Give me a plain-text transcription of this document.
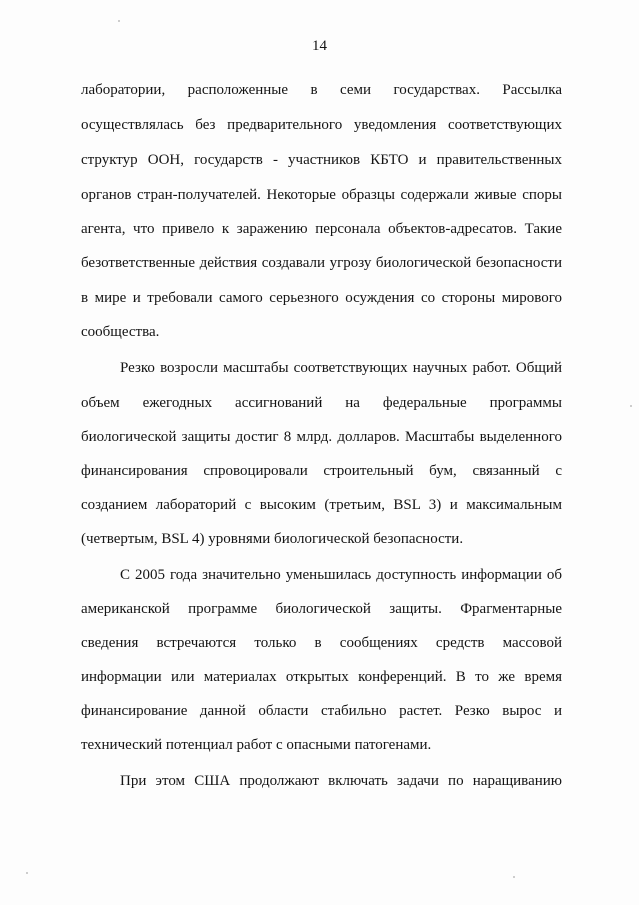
14
лаборатории, расположенные в семи государствах. Рассылка
осуществлялась без предварительного уведомления соответствующих
структур ООН, государств - участников КБТО и правительственных
органов стран-получателей. Некоторые образцы содержали живые споры
агента, что привело к заражению персонала объектов-адресатов. Такие
безответственные действия создавали угрозу биологической безопасности
в мире и требовали самого серьезного осуждения со стороны мирового
сообщества.
Резко возросли масштабы соответствующих научных работ. Общий
объем ежегодных ассигнований на федеральные программы
биологической защиты достиг 8 млрд. долларов. Масштабы выделенного
финансирования спровоцировали строительный бум, связанный с
созданием лабораторий с высоким (третьим, BSL 3) и максимальным
(четвертым, BSL 4) уровнями биологической безопасности.
С 2005 года значительно уменьшилась доступность информации об
американской программе биологической защиты. Фрагментарные
сведения встречаются только в сообщениях средств массовой
информации или материалах открытых конференций. В то же время
финансирование данной области стабильно растет. Резко вырос и
технический потенциал работ с опасными патогенами.
При этом США продолжают включать задачи по наращиванию
